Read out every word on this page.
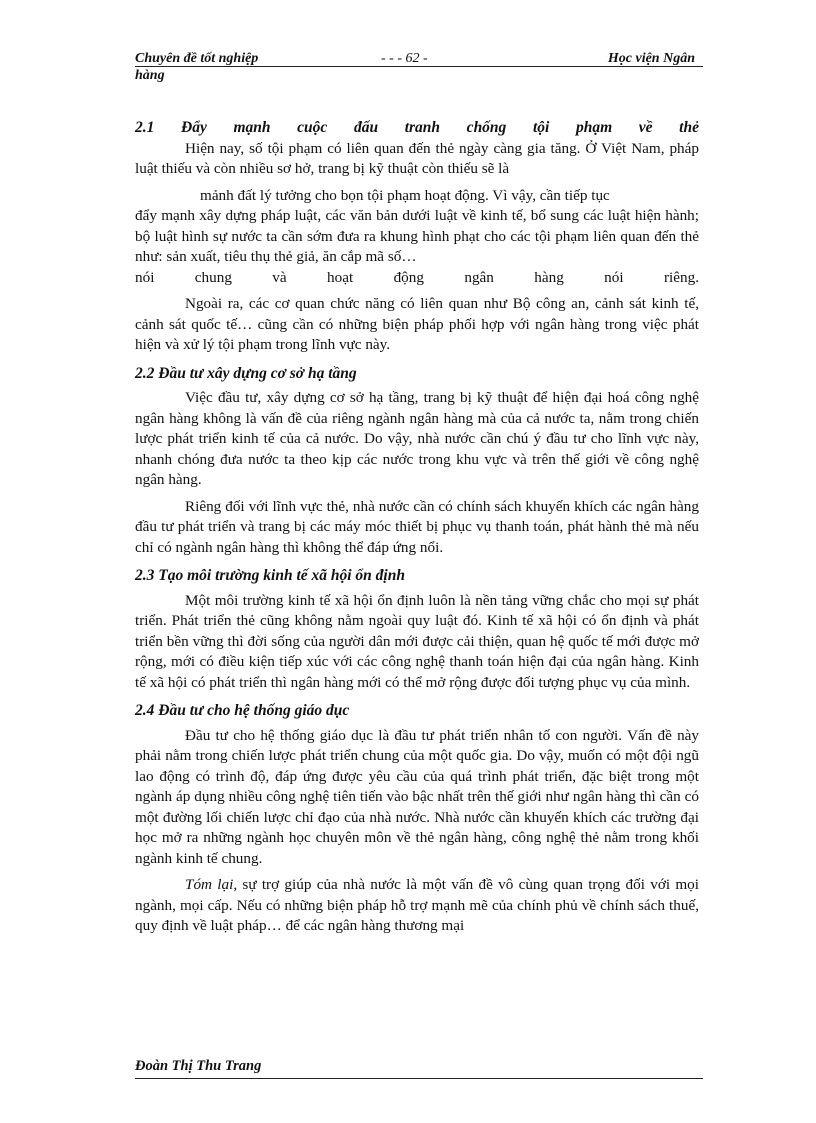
Chuyên đề tốt nghiệp	- - - 62 -	Học viện Ngân
hàng

2.1 Đẩy mạnh cuộc đấu tranh chống tội phạm về thẻ

Hiện nay, số tội phạm có liên quan đến thẻ ngày càng gia tăng. Ở Việt Nam, pháp luật thiếu và còn nhiều sơ hở, trang bị kỹ thuật còn thiếu sẽ là

mảnh đất lý tưởng cho bọn tội phạm hoạt động. Vì vậy, cần tiếp tục

đẩy mạnh xây dựng pháp luật, các văn bản dưới luật về kinh tế, bổ sung các luật hiện hành; bộ luật hình sự nước ta cần sớm đưa ra khung hình phạt cho các tội phạm liên quan đến thẻ như: sản xuất, tiêu thụ thẻ giả, ăn cắp mã số…

nói chung và hoạt động ngân hàng nói riêng.

Ngoài ra, các cơ quan chức năng có liên quan như Bộ công an, cảnh sát kinh tế, cảnh sát quốc tế… cũng cần có những biện pháp phối hợp với ngân hàng trong việc phát hiện và xử lý tội phạm trong lĩnh vực này.

2.2 Đầu tư xây dựng cơ sở hạ tầng

Việc đầu tư, xây dựng cơ sở hạ tầng, trang bị kỹ thuật để hiện đại hoá công nghệ ngân hàng không là vấn đề của riêng ngành ngân hàng mà của cả nước ta, nằm trong chiến lược phát triển kinh tế của cả nước. Do vậy, nhà nước cần chú ý đầu tư cho lĩnh vực này, nhanh chóng đưa nước ta theo kịp các nước trong khu vực và trên thế giới về công nghệ ngân hàng.

Riêng đối với lĩnh vực thẻ, nhà nước cần có chính sách khuyến khích các ngân hàng đầu tư phát triển và trang bị các máy móc thiết bị phục vụ thanh toán, phát hành thẻ mà nếu chỉ có ngành ngân hàng thì không thể đáp ứng nổi.

2.3 Tạo môi trường kinh tế xã hội ổn định

Một môi trường kinh tế xã hội ổn định luôn là nền tảng vững chắc cho mọi sự phát triển. Phát triển thẻ cũng không nằm ngoài quy luật đó. Kinh tế xã hội có ổn định và phát triển bền vững thì đời sống của người dân mới được cải thiện, quan hệ quốc tế mới được mở rộng, mới có điều kiện tiếp xúc với các công nghệ thanh toán hiện đại của ngân hàng. Kinh tế xã hội có phát triển thì ngân hàng mới có thể mở rộng được đối tượng phục vụ của mình.

2.4 Đầu tư cho hệ thống giáo dục

Đầu tư cho hệ thống giáo dục là đầu tư phát triển nhân tố con người. Vấn đề này phải nằm trong chiến lược phát triển chung của một quốc gia. Do vậy, muốn có một đội ngũ lao động có trình độ, đáp ứng được yêu cầu của quá trình phát triển, đặc biệt trong một ngành áp dụng nhiều công nghệ tiên tiến vào bậc nhất trên thế giới như ngân hàng thì cần có một đường lối chiến lược chỉ đạo của nhà nước. Nhà nước cần khuyến khích các trường đại học mở ra những ngành học chuyên môn về thẻ ngân hàng, công nghệ thẻ nằm trong khối ngành kinh tế chung.

Tóm lại, sự trợ giúp của nhà nước là một vấn đề vô cùng quan trọng đối với mọi ngành, mọi cấp. Nếu có những biện pháp hỗ trợ mạnh mẽ của chính phủ về chính sách thuế, quy định về luật pháp… để các ngân hàng thương mại

Đoàn Thị Thu Trang
